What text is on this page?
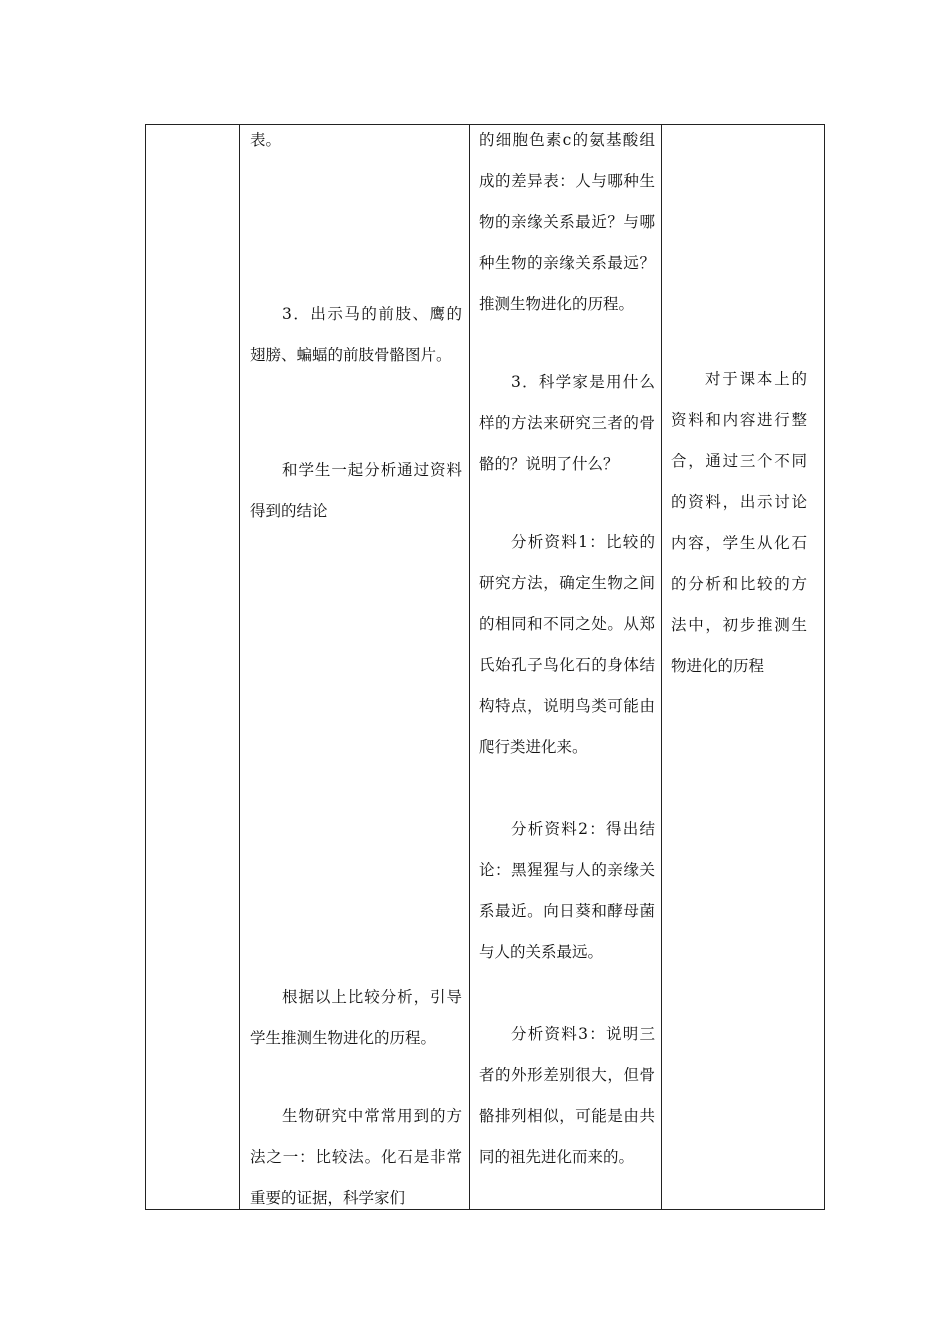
表。

3．出示马的前肢、鹰的翅膀、蝙蝠的前肢骨骼图片。

和学生一起分析通过资料得到的结论

根据以上比较分析，引导学生推测生物进化的历程。

生物研究中常常用到的方法之一：比较法。化石是非常重要的证据，科学家们

的细胞色素c的氨基酸组成的差异表：人与哪种生物的亲缘关系最近？与哪种生物的亲缘关系最远？推测生物进化的历程。

3．科学家是用什么样的方法来研究三者的骨骼的？说明了什么？

分析资料1：比较的研究方法，确定生物之间的相同和不同之处。从郑氏始孔子鸟化石的身体结构特点，说明鸟类可能由爬行类进化来。

分析资料2：得出结论：黑猩猩与人的亲缘关系最近。向日葵和酵母菌与人的关系最远。

分析资料3：说明三者的外形差别很大，但骨骼排列相似，可能是由共同的祖先进化而来的。

对于课本上的资料和内容进行整合，通过三个不同的资料，出示讨论内容，学生从化石的分析和比较的方法中，初步推测生物进化的历程
